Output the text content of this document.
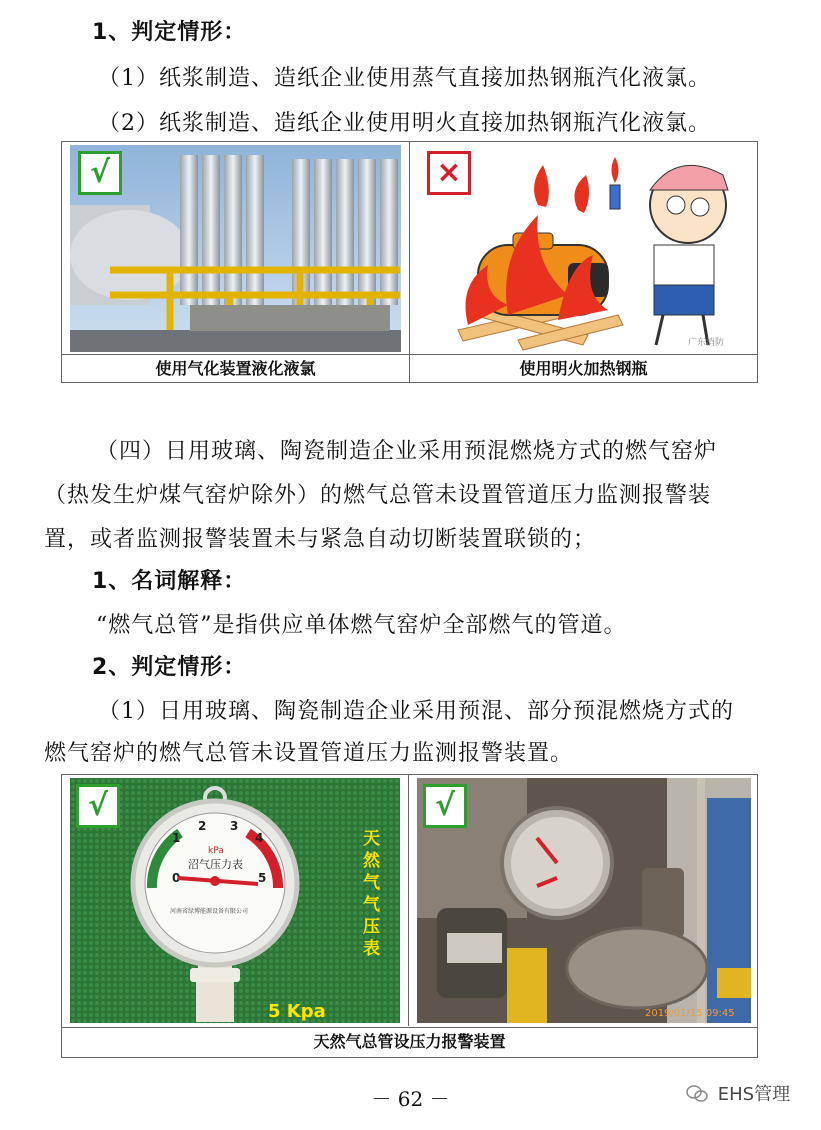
1、判定情形：
（1）纸浆制造、造纸企业使用蒸气直接加热钢瓶汽化液氯。
（2）纸浆制造、造纸企业使用明火直接加热钢瓶汽化液氯。
√
广东消防
×
使用气化装置液化液氯	使用明火加热钢瓶
（四）日用玻璃、陶瓷制造企业采用预混燃烧方式的燃气窑炉
（热发生炉煤气窑炉除外）的燃气总管未设置管道压力监测报警装
置，或者监测报警装置未与紧急自动切断装置联锁的；
1、名词解释：
“燃气总管”是指供应单体燃气窑炉全部燃气的管道。
2、判定情形：
（1）日用玻璃、陶瓷制造企业采用预混、部分预混燃烧方式的
燃气窑炉的燃气总管未设置管道压力监测报警装置。
0
1
2 3
4
5
kPa
沼气压力表
河南省绿博能源设备有限公司
5 Kpa
天然气气压表
√
2019/01/15 09:45
√
天然气总管设压力报警装置
－ 62 －	EHS管理
